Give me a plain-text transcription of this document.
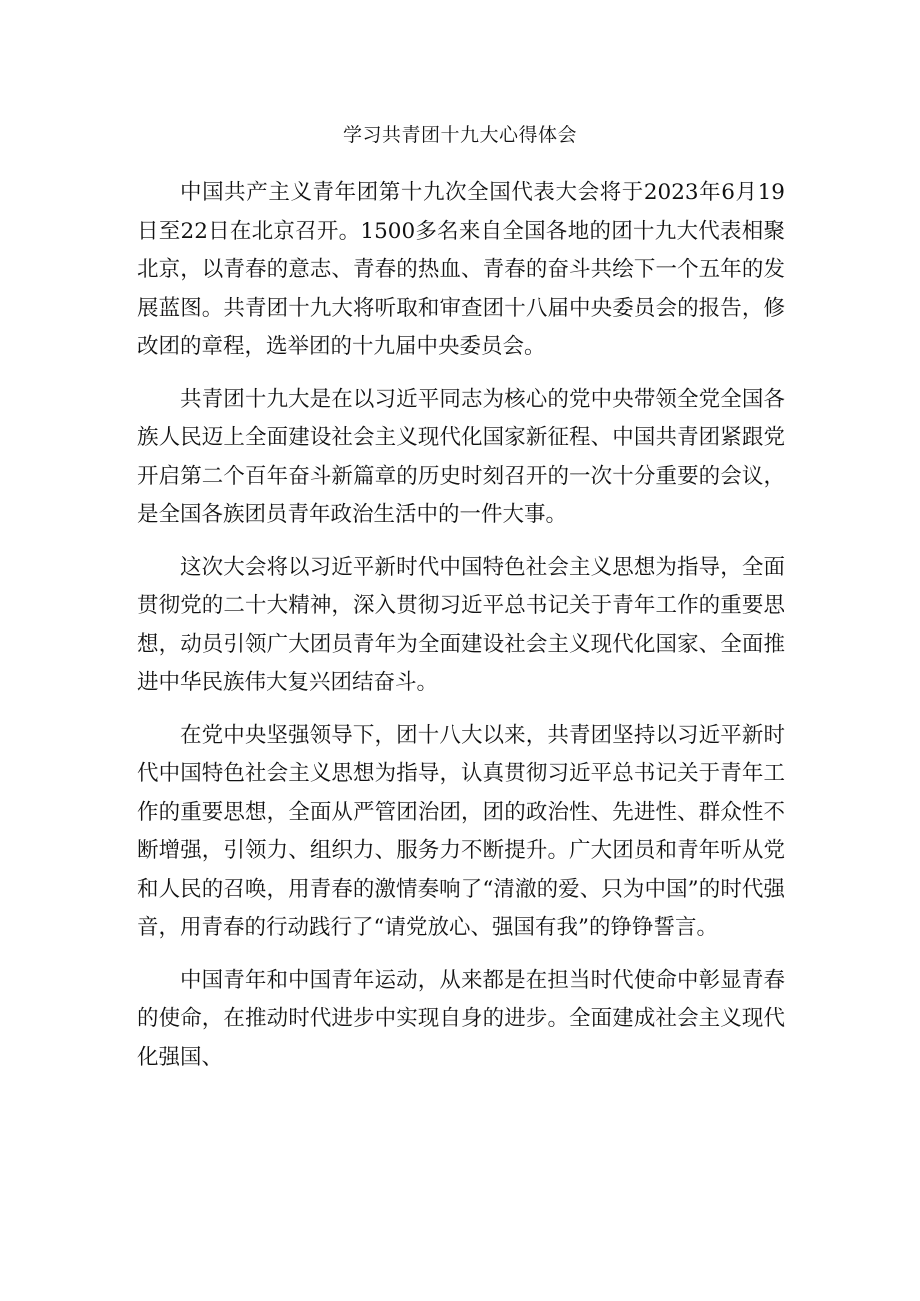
学习共青团十九大心得体会

中国共产主义青年团第十九次全国代表大会将于2023年6月19日至22日在北京召开。1500多名来自全国各地的团十九大代表相聚北京，以青春的意志、青春的热血、青春的奋斗共绘下一个五年的发展蓝图。共青团十九大将听取和审查团十八届中央委员会的报告，修改团的章程，选举团的十九届中央委员会。

共青团十九大是在以习近平同志为核心的党中央带领全党全国各族人民迈上全面建设社会主义现代化国家新征程、中国共青团紧跟党开启第二个百年奋斗新篇章的历史时刻召开的一次十分重要的会议，是全国各族团员青年政治生活中的一件大事。

这次大会将以习近平新时代中国特色社会主义思想为指导，全面贯彻党的二十大精神，深入贯彻习近平总书记关于青年工作的重要思想，动员引领广大团员青年为全面建设社会主义现代化国家、全面推进中华民族伟大复兴团结奋斗。

在党中央坚强领导下，团十八大以来，共青团坚持以习近平新时代中国特色社会主义思想为指导，认真贯彻习近平总书记关于青年工作的重要思想，全面从严管团治团，团的政治性、先进性、群众性不断增强，引领力、组织力、服务力不断提升。广大团员和青年听从党和人民的召唤，用青春的激情奏响了“清澈的爱、只为中国”的时代强音，用青春的行动践行了“请党放心、强国有我”的铮铮誓言。

中国青年和中国青年运动，从来都是在担当时代使命中彰显青春的使命，在推动时代进步中实现自身的进步。全面建成社会主义现代化强国、
